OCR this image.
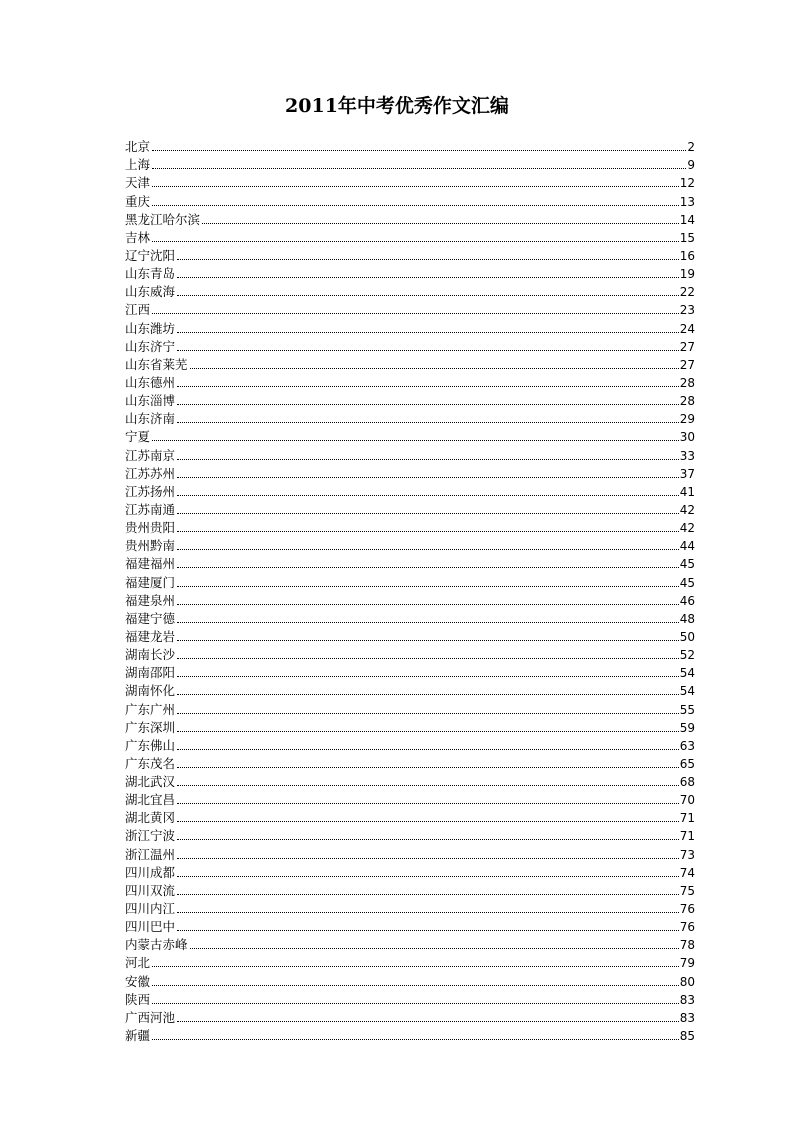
2011年中考优秀作文汇编
北京	2
上海	9
天津	12
重庆	13
黑龙江哈尔滨	14
吉林	15
辽宁沈阳	16
山东青岛	19
山东威海	22
江西	23
山东潍坊	24
山东济宁	27
山东省莱芜	27
山东德州	28
山东淄博	28
山东济南	29
宁夏	30
江苏南京	33
江苏苏州	37
江苏扬州	41
江苏南通	42
贵州贵阳	42
贵州黔南	44
福建福州	45
福建厦门	45
福建泉州	46
福建宁德	48
福建龙岩	50
湖南长沙	52
湖南邵阳	54
湖南怀化	54
广东广州	55
广东深圳	59
广东佛山	63
广东茂名	65
湖北武汉	68
湖北宜昌	70
湖北黄冈	71
浙江宁波	71
浙江温州	73
四川成都	74
四川双流	75
四川内江	76
四川巴中	76
内蒙古赤峰	78
河北	79
安徽	80
陕西	83
广西河池	83
新疆	85
